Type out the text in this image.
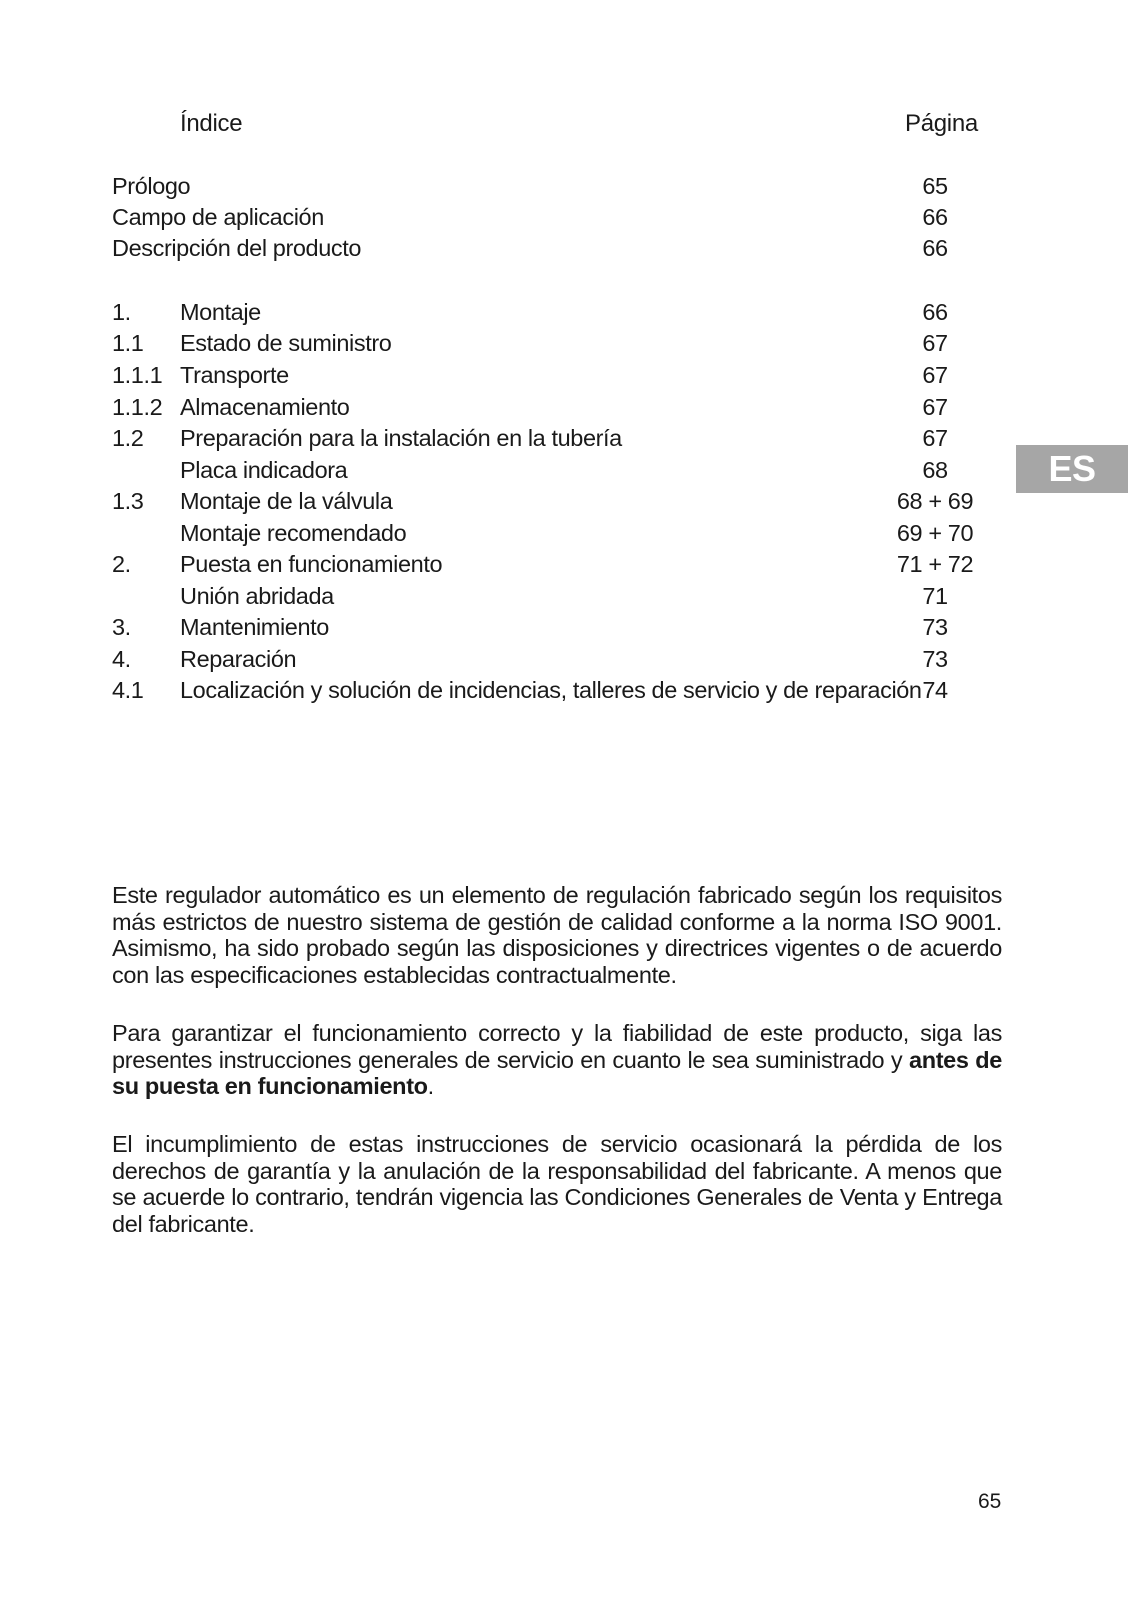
Índice	Página
Prólogo	65
Campo de aplicación	66
Descripción del producto	66
1. Montaje	66
1.1 Estado de suministro	67
1.1.1 Transporte	67
1.1.2 Almacenamiento	67
1.2 Preparación para la instalación en la tubería	67
Placa indicadora	68
1.3 Montaje de la válvula	68 + 69
Montaje recomendado	69 + 70
2. Puesta en funcionamiento	71 + 72
Unión abridada	71
3. Mantenimiento	73
4. Reparación	73
4.1 Localización y solución de incidencias, talleres de servicio y de reparación 74
ES

Este regulador automático es un elemento de regulación fabricado según los requisitos más estrictos de nuestro sistema de gestión de calidad conforme a la norma ISO 9001. Asimismo, ha sido probado según las disposiciones y directrices vigentes o de acuerdo con las especificaciones establecidas contractualmente.

Para garantizar el funcionamiento correcto y la fiabilidad de este producto, siga las presentes instrucciones generales de servicio en cuanto le sea suministrado y antes de su puesta en funcionamiento.

El incumplimiento de estas instrucciones de servicio ocasionará la pérdida de los derechos de garantía y la anulación de la responsabilidad del fabricante. A menos que se acuerde lo contrario, tendrán vigencia las Condiciones Generales de Venta y Entrega del fabricante.

65
